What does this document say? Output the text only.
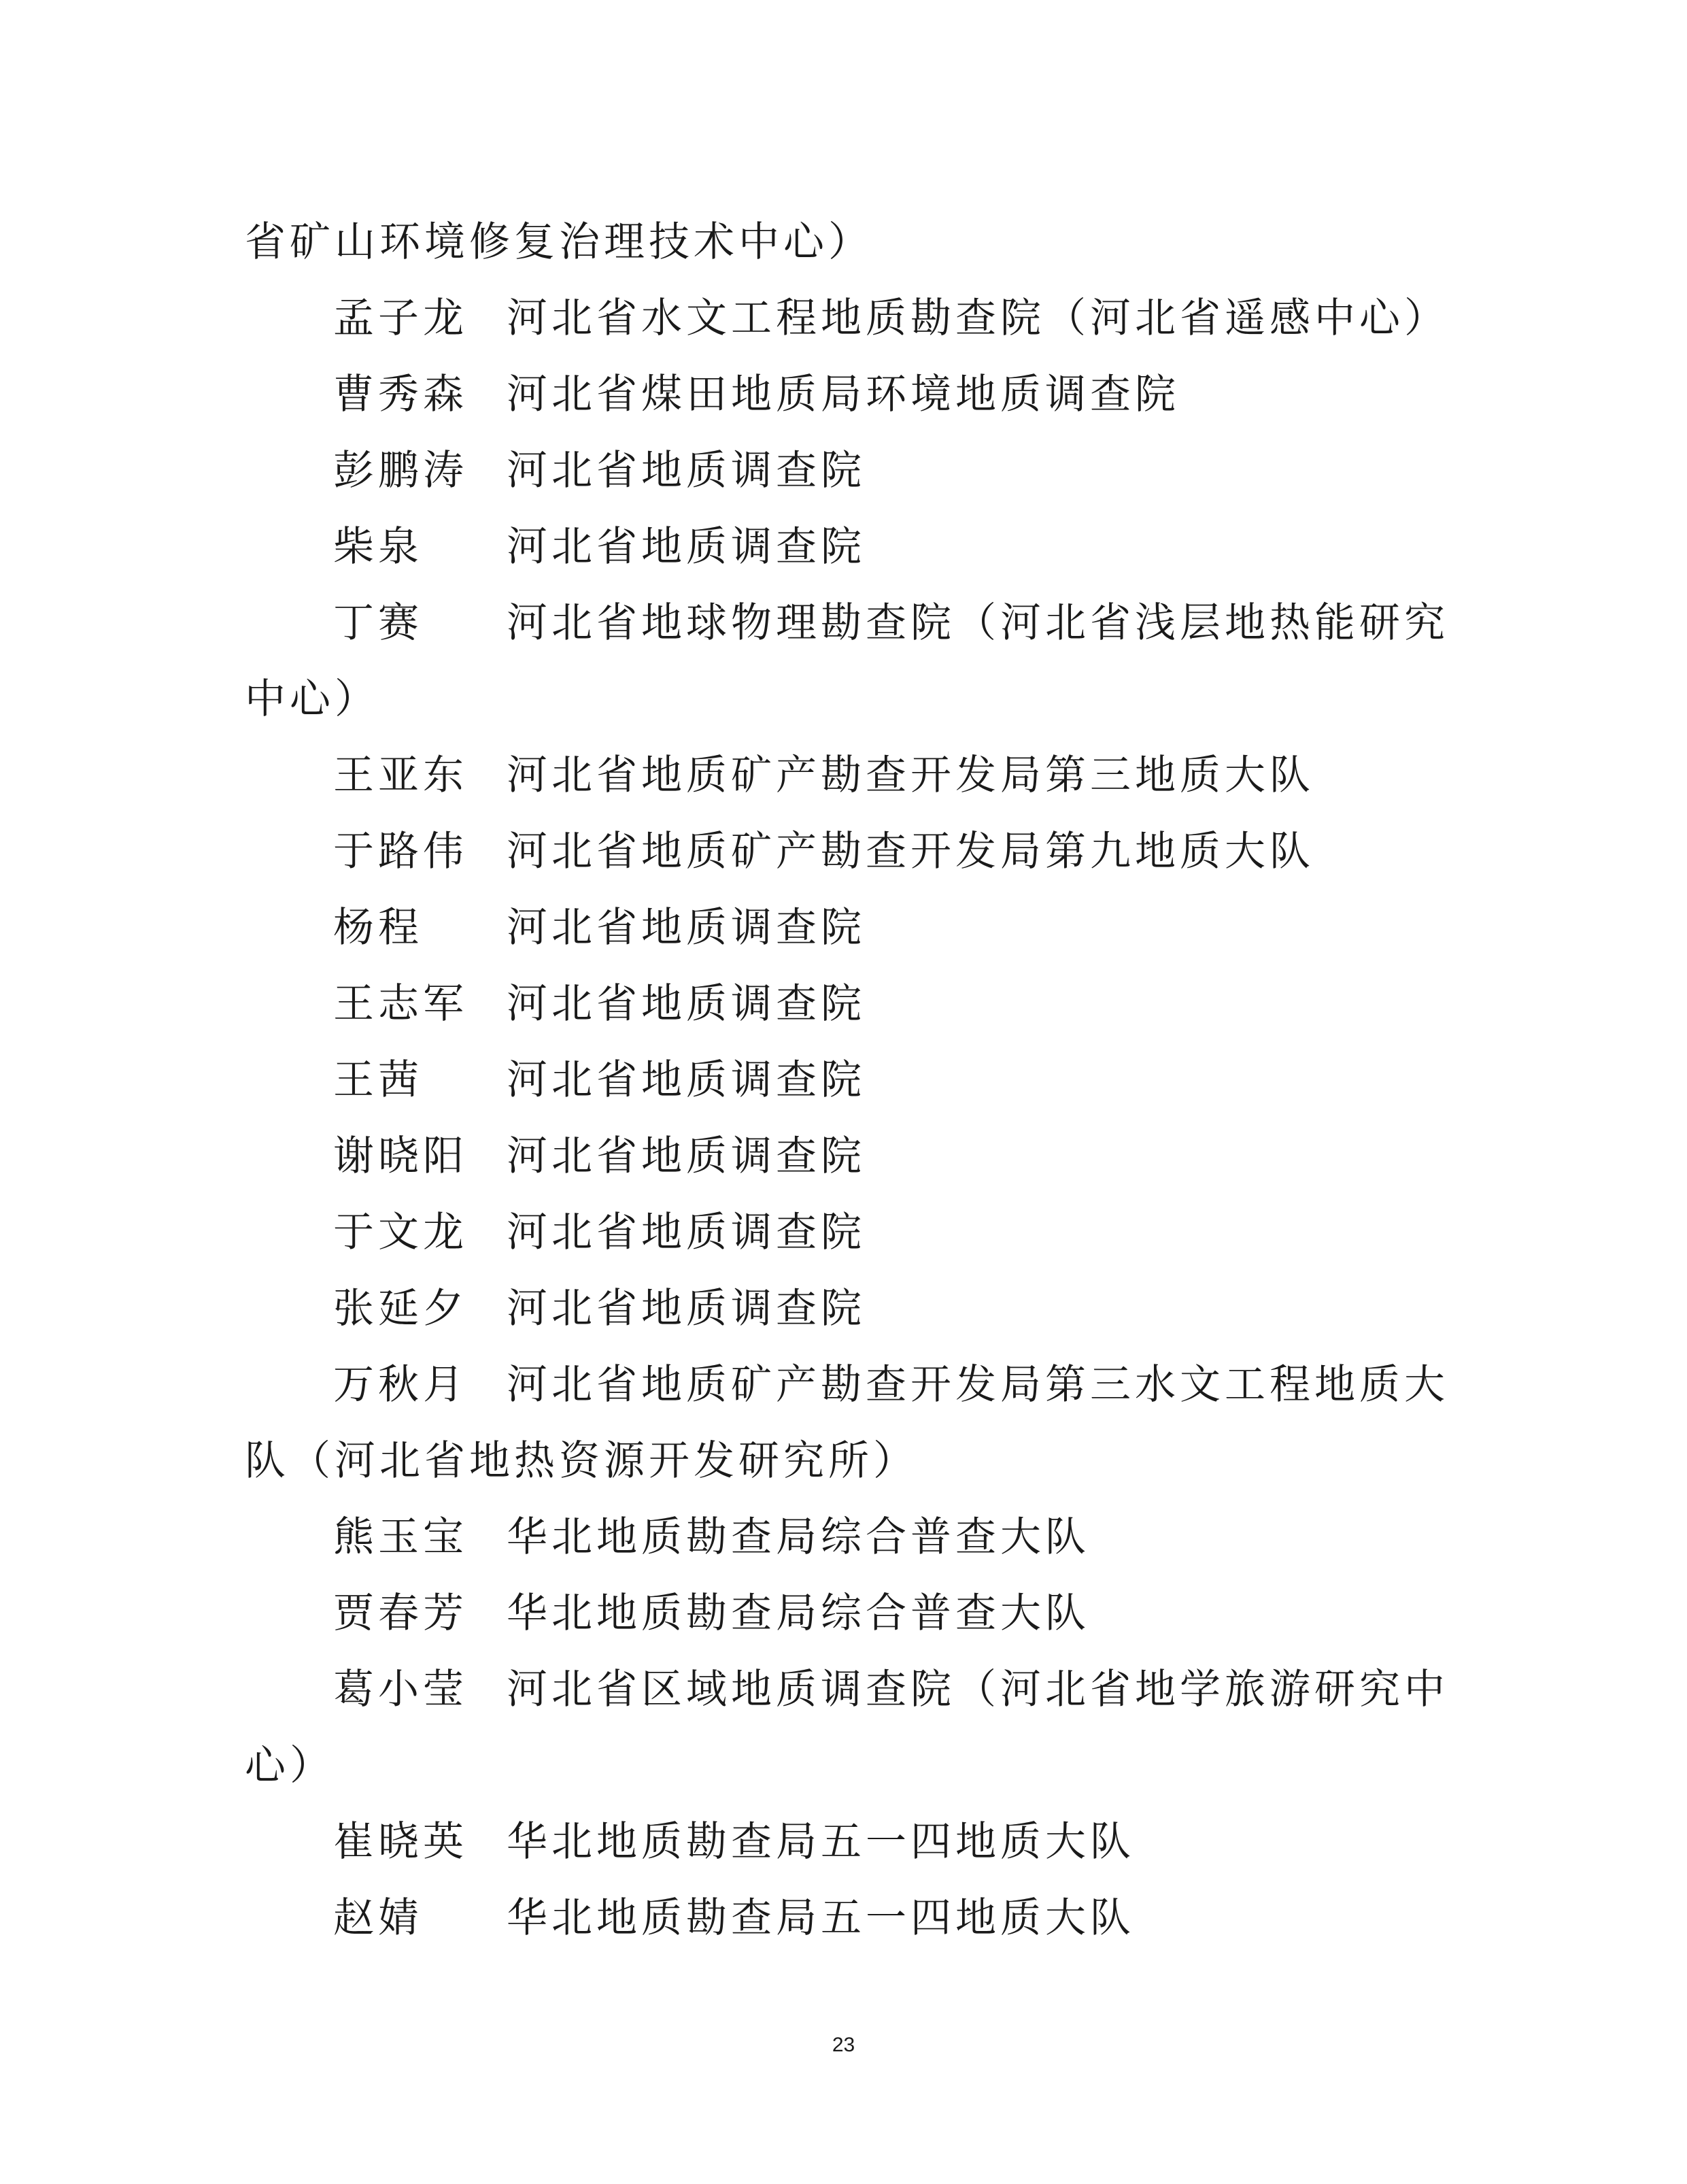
省矿山环境修复治理技术中心）
孟子龙 河北省水文工程地质勘查院（河北省遥感中心）
曹秀森 河北省煤田地质局环境地质调查院
彭鹏涛 河北省地质调查院
柴泉 河北省地质调查院
丁赛 河北省地球物理勘查院（河北省浅层地热能研究
中心）
王亚东 河北省地质矿产勘查开发局第三地质大队
于路伟 河北省地质矿产勘查开发局第九地质大队
杨程 河北省地质调查院
王志军 河北省地质调查院
王茜 河北省地质调查院
谢晓阳 河北省地质调查院
于文龙 河北省地质调查院
张延夕 河北省地质调查院
万秋月 河北省地质矿产勘查开发局第三水文工程地质大
队（河北省地热资源开发研究所）
熊玉宝 华北地质勘查局综合普查大队
贾春芳 华北地质勘查局综合普查大队
葛小莹 河北省区域地质调查院（河北省地学旅游研究中
心）
崔晓英 华北地质勘查局五一四地质大队
赵婧 华北地质勘查局五一四地质大队
23
